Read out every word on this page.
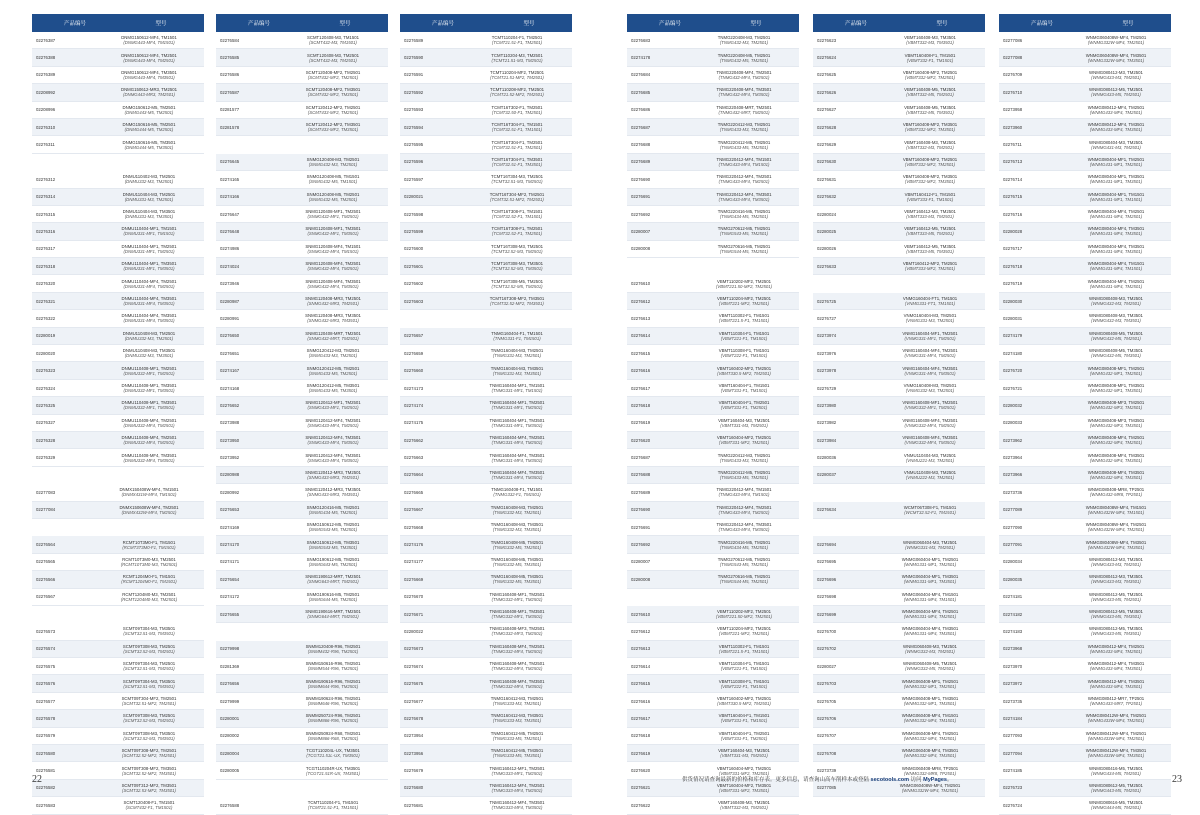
产品编号	型号
02276387	DNMG150612-MF4, TM1501
(DNMG443-MF4, TM1501)
02276388	DNMG150612-MF4, TM2501
(DNMG443-MF4, TM2501)
02276389	DNMG150612-MF4, TM3501
(DNMG443-MF4, TM3501)
02208992	DNMG150612-MR3, TM2501
(DNMG443-MR3, TM2501)
02208996	DNMG150612-M5, TM2501
(DNMG443-M5, TM2501)
02276310	DNMG150616-M5, TM2501
(DNMG444-M5, TM2501)
02276311	DNMG150616-M5, TM3501
(DNMG444-M5, TM3501)
02276312	DNMU110402-M3, TM2501
(DNMU332-M3, TM2501)
02276314	DNMU110404-M3, TM2501
(DNMU331-M3, TM2501)
02276315	DNMU110404-M3, TM3501
(DNMU331-M3, TM3501)
02276316	DNMU110404-MF1, TM1501
(DNMU331-MF1, TM1501)
02276317	DNMU110404-MF1, TM2501
(DNMU331-MF1, TM2501)
02276318	DNMU110404-MF1, TM3501
(DNMU331-MF1, TM3501)
02276320	DNMU110404-MF4, TM2501
(DNMU331-MF4, TM2501)
02276321	DNMU110404-MF4, TM3501
(DNMU331-MF4, TM3501)
02276322	DNMU110404-MF4, TM3501
(DNMU331-MF4, TM3501)
02280019	DNMU110408-M3, TM2501
(DNMU332-M3, TM2501)
02280020	DNMU110408-M3, TM3501
(DNMU332-M3, TM3501)
02276323	DNMU110408-MF1, TM2501
(DNMU332-MF1, TM2501)
02276324	DNMU110408-MF1, TM3501
(DNMU332-MF1, TM3501)
02276325	DNMU110408-MF1, TM3501
(DNMU332-MF1, TM3501)
02276327	DNMU110408-MF4, TM2501
(DNMU332-MF4, TM2501)
02276328	DNMU110408-MF4, TM2501
(DNMU332-MF4, TM2501)
02276329	DNMU110408-MF4, TM3501
(DNMU332-MF4, TM3501)
02277083	DNMX150408W-MF4, TM1501
(DNMX431W-MF4, TM1501)
02277084	DNMX150608W-MF4, TM2501
(DNMX432W-MF4, TM2501)
02276564	RCMT10T3M0-F1, TM1501
(RCMT3T3M0-F1, TM1501)
02276565	RCMT10T3M0-M3, TM2501
(RCMT10T3M0-M3, TM2501)
02276566	RCMT1204M0-F1, TM1501
(RCMT1204M0-F1, TM1501)
02276567	RCMT1204M0-M3, TM2501
(RCMT1204M0-M3, TM2501)
02276573	SCMT09T304-M3, TM3501
(SCMT32.51-M3, TM3501)
02276574	SCMT09T308-M3, TM2501
(SCMT32.52-M3, TM2501)
02276575	SCMT09T304-M3, TM2501
(SCMT32.51-M3, TM2501)
02276576	SCMT09T304-M3, TM3501
(SCMT32.51-M3, TM3501)
02276577	SCMT09T304-MF2, TM2501
(SCMT32.51-MF2, TM2501)
02276578	SCMT09T308-M3, TM2501
(SCMT32.52-M3, TM2501)
02276579	SCMT09T308-M3, TM3501
(SCMT32.52-M3, TM3501)
02276580	SCMT09T308-MF2, TM2501
(SCMT32.52-MF2, TM2501)
02276581	SCMT09T308-MF2, TM3501
(SCMT32.52-MF2, TM3501)
02276582	SCMT09T312-MF2, TM3501
(SCMT32.53-MF2, TM3501)
02276583	SCMT120408-F1, TM1501
(SCMT432-F1, TM1501)
产品编号	型号
02276584	SCMT120408-M3, TM1501
(SCMT432-M3, TM1501)
02276585	SCMT120408-M3, TM2501
(SCMT432-M3, TM2501)
02276586	SCMT120408-MF2, TM2501
(SCMT432-MF2, TM2501)
02276587	SCMT120408-MF2, TM3501
(SCMT432-MF2, TM3501)
02281577	SCMT120412-MF2, TM2501
(SCMT433-MF2, TM2501)
02281578	SCMT120412-MF2, TM3501
(SCMT433-MF2, TM3501)
02276645	SNMG120408-M3, TM2501
(SNMG432-M3, TM2501)
02274165	SNMG120408-M5, TM1501
(SNMG432-M5, TM1501)
02274166	SNMG120408-M5, TM2501
(SNMG432-M5, TM2501)
02276647	SNMG120408-MF1, TM2501
(SNMG432-MF1, TM2501)
02276648	SNMG120408-MF1, TM3501
(SNMG432-MF1, TM3501)
02274986	SNMG120408-MF4, TM1501
(SNMG432-MF4, TM1501)
02274024	SNMG120408-MF4, TM2501
(SNMG432-MF4, TM2501)
02273946	SNMG120408-MF4, TM3501
(SNMG432-MF4, TM3501)
02280987	SNMG120408-MR3, TM2501
(SNMG432-MR3, TM2501)
02280991	SNMG120408-MR3, TM3501
(SNMG432-MR3, TM3501)
02276650	SNMG120408-MRT, TM2501
(SNMG432-MRT, TM2501)
02276651	SNMG120412-M3, TM2501
(SNMG433-M3, TM2501)
02274167	SNMG120412-M5, TM2501
(SNMG433-M5, TM2501)
02274168	SNMG120412-M5, TM3501
(SNMG433-M5, TM3501)
02276652	SNMG120412-MF1, TM2501
(SNMG433-MF1, TM2501)
02273988	SNMG120412-MF4, TM2501
(SNMG433-MF4, TM2501)
02273950	SNMG120412-MF4, TM3501
(SNMG433-MF4, TM3501)
02273952	SNMG120412-MF4, TM3501
(SNMG433-MF4, TM3501)
02280988	SNMG120412-MR3, TM2501
(SNMG433-MR3, TM2501)
02280992	SNMG120412-MR3, TM3501
(SNMG433-MR3, TM3501)
02276653	SNMG120416-M5, TM2501
(SNMG434-M5, TM2501)
02274169	SNMG150612-M5, TM2501
(SNMG543-M5, TM2501)
02274170	SNMG150612-M5, TM3501
(SNMG543-M5, TM3501)
02274171	SNMG190612-M5, TM2501
(SNMG643-M5, TM2501)
02276654	SNMG190612-MRT, TM2501
(SNMG643-MRT, TM2501)
02274172	SNMG190616-M5, TM2501
(SNMG644-M5, TM2501)
02276655	SNMG190616-MRT, TM2501
(SNMG644-MRT, TM2501)
02279998	SNMM120408-R96, TM2501
(SNMM432-R96, TM2501)
02281369	SNMM150616-R96, TM2501
(SNMM544-R96, TM2501)
02276656	SNMM190616-R96, TM2501
(SNMM644-R96, TM2501)
02279999	SNMM190624-R96, TM2501
(SNMM646-R96, TM2501)
02280001	SNMM250724-R96, TM2501
(SNMM866-R96, TM2501)
02280002	SNMM250924-R68, TM2501
(SNMM866-R68, TM2501)
02280004	TCGT110204L-UX, TM3501
(TCGT21.51L-UX, TM3501)
02280005	TCGT110204R-UX, TM3501
(TCGT21.51R-UX, TM3501)
02276588	TCMT110204-F1, TM1501
(TCMT21.51-F1, TM1501)
产品编号	型号
02276589	TCMT110204-F1, TM2501
(TCMT21.51-F1, TM2501)
02276590	TCMT110204-M3, TM2501
(TCMT21.51-M3, TM2501)
02276591	TCMT110204-MF2, TM2501
(TCMT21.51-MF2, TM2501)
02276592	TCMT110208-MF2, TM2501
(TCMT21.52-MF2, TM2501)
02276593	TCMT16T302-F1, TM2501
(TCMT32.50-F1, TM2501)
02276594	TCMT16T304-F1, TM1501
(TCMT32.51-F1, TM1501)
02276595	TCMT16T304-F1, TM2501
(TCMT32.51-F1, TM2501)
02276596	TCMT16T304-F1, TM3501
(TCMT32.51-F1, TM3501)
02276597	TCMT16T304-M3, TM2501
(TCMT32.51-M3, TM2501)
02280021	TCMT16T304-MF2, TM2501
(TCMT32.51-MF2, TM2501)
02276598	TCMT16T308-F1, TM1501
(TCMT32.52-F1, TM1501)
02276599	TCMT16T308-F1, TM2501
(TCMT32.52-F1, TM2501)
02276600	TCMT16T308-M3, TM2501
(TCMT32.52-M3, TM2501)
02276601	TCMT16T308-M3, TM3501
(TCMT32.52-M3, TM3501)
02276602	TCMT16T308-M5, TM2501
(TCMT32.52-M5, TM2501)
02276603	TCMT16T308-MF2, TM3501
(TCMT32.52-MF2, TM3501)
02276657	TNMG160404-F1, TM1501
(TNMG331-F1, TM1501)
02276659	TNMG160404-M3, TM2501
(TNMG331-M3, TM2501)
02276660	TNMG160404-M3, TM3501
(TNMG331-M3, TM3501)
02274173	TNMG160404-MF1, TM1501
(TNMG331-MF1, TM1501)
02274174	TNMG160404-MF1, TM2501
(TNMG331-MF1, TM2501)
02274175	TNMG160404-MF1, TM3501
(TNMG331-MF1, TM3501)
02276662	TNMG160404-MF4, TM2501
(TNMG331-MF4, TM2501)
02276663	TNMG160404-MF4, TM3501
(TNMG331-MF4, TM3501)
02276664	TNMG160404-MF4, TM3501
(TNMG331-MF4, TM3501)
02276665	TNMG160408-F1, TM1501
(TNMG332-F1, TM1501)
02276667	TNMG160408-M3, TM2501
(TNMG332-M3, TM2501)
02276668	TNMG160408-M3, TM3501
(TNMG332-M3, TM3501)
02274176	TNMG160408-M5, TM2501
(TNMG332-M5, TM2501)
02274177	TNMG160408-M5, TM3501
(TNMG332-M5, TM3501)
02276669	TNMG160408-M5, TM3501
(TNMG332-M5, TM3501)
02276670	TNMG160408-MF1, TM2501
(TNMG332-MF1, TM2501)
02276671	TNMG160408-MF1, TM3501
(TNMG332-MF1, TM3501)
02280022	TNMG160408-MF3, TM2501
(TNMG332-MF3, TM2501)
02276673	TNMG160408-MF4, TM2501
(TNMG332-MF4, TM2501)
02276674	TNMG160408-MF4, TM2501
(TNMG332-MF4, TM2501)
02276675	TNMG160408-MF4, TM3501
(TNMG332-MF4, TM3501)
02276677	TNMG160412-M3, TM2501
(TNMG333-M3, TM2501)
02276678	TNMG160412-M3, TM3501
(TNMG333-M3, TM3501)
02273954	TNMG160412-M5, TM2501
(TNMG333-M5, TM2501)
02273956	TNMG160412-M5, TM3501
(TNMG333-M5, TM3501)
02276679	TNMG160412-MF1, TM2501
(TNMG333-MF1, TM2501)
02276680	TNMG160412-MF4, TM2501
(TNMG333-MF4, TM2501)
02276681	TNMG160412-MF4, TM3501
(TNMG333-MF4, TM3501)
22
产品编号	型号
02276683	TNMG220408-M3, TM2501
(TNMG432-M3, TM2501)
02274178	TNMG220408-M5, TM2501
(TNMG432-M5, TM2501)
02276684	TNMG220408-MF4, TM2501
(TNMG432-MF4, TM2501)
02276685	TNMG220408-MF4, TM3501
(TNMG432-MF4, TM3501)
02276686	TNMG220408-MRT, TM2501
(TNMG432-MRT, TM2501)
02276687	TNMG220412-M3, TM2501
(TNMG433-M3, TM2501)
02276688	TNMG220412-M5, TM2501
(TNMG433-M5, TM2501)
02276689	TNMG220412-MF4, TM1501
(TNMG433-MF4, TM1501)
02276690	TNMG220412-MF4, TM2501
(TNMG433-MF4, TM2501)
02276691	TNMG220412-MF4, TM3501
(TNMG433-MF4, TM3501)
02276692	TNMG220416-M5, TM2501
(TNMG434-M5, TM2501)
02280007	TNMG270612-M5, TM2501
(TNMG543-M5, TM2501)
02280008	TNMG270616-M5, TM2501
(TNMG544-M5, TM2501)
02276610	VBMT110202-MF2, TM2501
(VBMT221.50-MF2, TM2501)
02276612	VBMT110204-MF2, TM2501
(VBMT221-MF2, TM2501)
02276613	VBMT110302-F1, TM1501
(VBMT221.5-F1, TM1501)
02276614	VBMT110304-F1, TM1501
(VBMT221-F1, TM1501)
02276615	VBMT110308-F1, TM1501
(VBMT222-F1, TM1501)
02276616	VBMT160402-MF2, TM2501
(VBMT330.5-MF2, TM2501)
02276617	VBMT160404-F1, TM1501
(VBMT331-F1, TM1501)
02276618	VBMT160404-F1, TM2501
(VBMT331-F1, TM2501)
02276619	VBMT160404-M3, TM2501
(VBMT331-M3, TM2501)
02276620	VBMT160404-MF2, TM2501
(VBMT331-MF2, TM2501)
02276687	TNMG220412-M3, TM2501
(TNMG433-M3, TM2501)
02276688	TNMG220412-M5, TM2501
(TNMG433-M5, TM2501)
02276689	TNMG220412-MF4, TM1501
(TNMG433-MF4, TM1501)
02276690	TNMG220412-MF4, TM2501
(TNMG433-MF4, TM2501)
02276691	TNMG220412-MF4, TM3501
(TNMG433-MF4, TM3501)
02276692	TNMG220416-M5, TM2501
(TNMG434-M5, TM2501)
02280007	TNMG270612-M5, TM2501
(TNMG543-M5, TM2501)
02280008	TNMG270616-M5, TM2501
(TNMG544-M5, TM2501)
02276610	VBMT110202-MF2, TM2501
(VBMT221.50-MF2, TM2501)
02276612	VBMT110204-MF2, TM2501
(VBMT221-MF2, TM2501)
02276613	VBMT110302-F1, TM1501
(VBMT221.5-F1, TM1501)
02276614	VBMT110304-F1, TM1501
(VBMT221-F1, TM1501)
02276615	VBMT110308-F1, TM1501
(VBMT222-F1, TM1501)
02276616	VBMT160402-MF2, TM2501
(VBMT330.5-MF2, TM2501)
02276617	VBMT160404-F1, TM1501
(VBMT331-F1, TM1501)
02276618	VBMT160404-F1, TM2501
(VBMT331-F1, TM2501)
02276619	VBMT160404-M3, TM2501
(VBMT331-M3, TM2501)
02276620	VBMT160404-MF2, TM2501
(VBMT331-MF2, TM2501)
02276621	VBMT160404-MF2, TM3501
(VBMT331-MF2, TM3501)
02276622	VBMT160408-M3, TM2501
(VBMT332-M3, TM2501)
产品编号	型号
02276623	VBMT160408-M3, TM3501
(VBMT332-M3, TM3501)
02276624	VBMT160408-F1, TM1501
(VBMT332-F1, TM1501)
02276625	VBMT160408-MF2, TM2501
(VBMT332-MF2, TM2501)
02276626	VBMT160408-M5, TM2501
(VBMT332-M5, TM2501)
02276627	VBMT160408-M5, TM3501
(VBMT332-M5, TM3501)
02276628	VBMT160408-MF2, TM3501
(VBMT332-MF2, TM3501)
02276629	VBMT160408-M3, TM2501
(VBMT332-M3, TM2501)
02276630	VBMT160408-MF2, TM2501
(VBMT332-MF2, TM2501)
02276631	VBMT160408-MF2, TM3501
(VBMT332-MF2, TM3501)
02276632	VBMT160412-F1, TM1501
(VBMT333-F1, TM1501)
02280024	VBMT160412-M3, TM2501
(VBMT333-M3, TM2501)
02280025	VBMT160412-M5, TM2501
(VBMT333-M5, TM2501)
02280026	VBMT160412-M5, TM3501
(VBMT333-M5, TM3501)
02276633	VBMT160412-MF2, TM2501
(VBMT333-MF2, TM2501)
02276725	VNMG160404-FT1, TM1501
(VNMG331-FT1, TM1501)
02276727	VNMG160404-M3, TM2501
(VNMG331-M3, TM2501)
02273974	VNMG160404-MF1, TM2501
(VNMG331-MF1, TM2501)
02273976	VNMG160404-MF4, TM2501
(VNMG331-MF4, TM2501)
02273978	VNMG160404-MF4, TM3501
(VNMG331-MF4, TM3501)
02276729	VNMG160408-M3, TM2501
(VNMG332-M3, TM2501)
02273980	VNMG160408-MF1, TM2501
(VNMG332-MF1, TM2501)
02273982	VNMG160408-MF4, TM2501
(VNMG332-MF4, TM2501)
02273984	VNMG160408-MF4, TM3501
(VNMG332-MF4, TM3501)
02280036	VNMU110404-M3, TM2501
(VNMU221-M3, TM2501)
02280037	VNMU110408-M3, TM2501
(VNMU222-M3, TM2501)
02276634	WCMT06T308-F1, TM1501
(WCMT32.52-F1, TM1501)
02276694	WNMG060404-M3, TM2501
(WNMG331-M3, TM2501)
02276695	WNMG060404-MF1, TM2501
(WNMG331-MF1, TM2501)
02276696	WNMG060404-MF1, TM3501
(WNMG331-MF1, TM3501)
02276698	WNMG060404-MF4, TM1501
(WNMG331-MF4, TM1501)
02276699	WNMG060404-MF4, TM2501
(WNMG331-MF4, TM2501)
02276700	WNMG060404-MF4, TM3501
(WNMG331-MF4, TM3501)
02276702	WNMG060408-M3, TM2501
(WNMG332-M3, TM2501)
02280027	WNMG060408-M5, TM2501
(WNMG332-M5, TM2501)
02276703	WNMG060408-MF1, TM2501
(WNMG332-MF1, TM2501)
02276705	WNMG060408-MF1, TM3501
(WNMG332-MF1, TM3501)
02276706	WNMG060408-MF4, TM1501
(WNMG332-MF4, TM1501)
02276707	WNMG060408-MF4, TM2501
(WNMG332-MF4, TM2501)
02276708	WNMG060408-MF4, TM3501
(WNMG332-MF4, TM3501)
02273739	WNMG060408-MR8, TP2501
(WNMG332-MR8, TP2501)
02277085	WNMG060408W-MF4, TM2501
(WNMG332W-MF4, TM2501)
产品编号	型号
02277086	WNMG060408W-MF4, TM2501
(WNMG332W-MF4, TM2501)
02277088	WNMG060408W-MF4, TM3501
(WNMG332W-MF4, TM3501)
02276709	WNMG080412-M3, TM2501
(WNMG433-M3, TM2501)
02276710	WNMG080412-M5, TM2501
(WNMG433-M5, TM2501)
02273958	WNMG080412-MF4, TM2501
(WNMG433-MF4, TM2501)
02273960	WNMG080412-MF4, TM3501
(WNMG433-MF4, TM3501)
02276711	WNMG080404-M3, TM2501
(WNMG431-M3, TM2501)
02276713	WNMG080404-MF1, TM2501
(WNMG431-MF1, TM2501)
02276714	WNMG080404-MF1, TM3501
(WNMG431-MF1, TM3501)
02276715	WNMG080404-MF1, TM1501
(WNMG431-MF1, TM1501)
02276716	WNMG080404-MF4, TM2501
(WNMG431-MF4, TM2501)
02280028	WNMG080404-MF4, TM3501
(WNMG431-MF4, TM3501)
02276717	WNMG080404-MF4, TM3501
(WNMG431-MF4, TM3501)
02276718	WNMG080404-MF4, TM1501
(WNMG431-MF4, TM1501)
02276719	WNMG080404-MF4, TM2501
(WNMG431-MF4, TM2501)
02280030	WNMG080408-M3, TM2501
(WNMG432-M3, TM2501)
02280031	WNMG080408-M3, TM3501
(WNMG432-M3, TM3501)
02274179	WNMG080408-M5, TM2501
(WNMG432-M5, TM2501)
02274180	WNMG080408-M5, TM3501
(WNMG432-M5, TM3501)
02276720	WNMG080408-MF1, TM2501
(WNMG432-MF1, TM2501)
02276721	WNMG080408-MF1, TM3501
(WNMG432-MF1, TM3501)
02280032	WNMG080408-MF3, TM2501
(WNMG432-MF3, TM2501)
02280033	WNMG080408-MF3, TM3501
(WNMG432-MF3, TM3501)
02273962	WNMG080408-MF4, TM2501
(WNMG432-MF4, TM2501)
02273964	WNMG080408-MF4, TM3501
(WNMG432-MF4, TM3501)
02273966	WNMG080408-MF4, TM3501
(WNMG432-MF4, TM3501)
02273736	WNMG080408-MR8, TP2501
(WNMG432-MR8, TP2501)
02277089	WNMG080408W-MF4, TM1501
(WNMG432W-MF4, TM1501)
02277090	WNMG080408W-MF4, TM2501
(WNMG432W-MF4, TM2501)
02277091	WNMG080408W-MF4, TM3501
(WNMG432W-MF4, TM3501)
02280034	WNMG080412-M3, TM2501
(WNMG433-M3, TM2501)
02280035	WNMG080412-M3, TM3501
(WNMG433-M3, TM3501)
02274181	WNMG080412-M5, TM2501
(WNMG433-M5, TM2501)
02274182	WNMG080412-M5, TM3501
(WNMG433-M5, TM3501)
02274183	WNMG080412-M5, TM3501
(WNMG433-M5, TM3501)
02273968	WNMG080412-MF4, TM2501
(WNMG433-MF4, TM2501)
02273970	WNMG080412-MF4, TM3501
(WNMG433-MF4, TM3501)
02273972	WNMG080412-MF4, TM3501
(WNMG433-MF4, TM3501)
02273735	WNMG080412-MR7, TP2501
(WNMG433-MR7, TP2501)
02274184	WNMG080412W-MF4, TM2501
(WNMG433W-MF4, TM2501)
02277093	WNMG080412W-MF4, TM2501
(WNMG433W-MF4, TM2501)
02277094	WNMG080412W-MF4, TM3501
(WNMG433W-MF4, TM3501)
02274185	WNMG080416-M5, TM2501
(WNMG434-M5, TM2501)
02276723	WNMG080612-M5, TM2501
(WNMG443-M5, TM2501)
02276724	WNMG080616-M5, TM2501
(WNMG444-M5, TM2501)
供货情况请查询最新的价格和库存表。更多信息，请查询山高车削样本或登陆 secotools.com 访问 MyPages。	23
